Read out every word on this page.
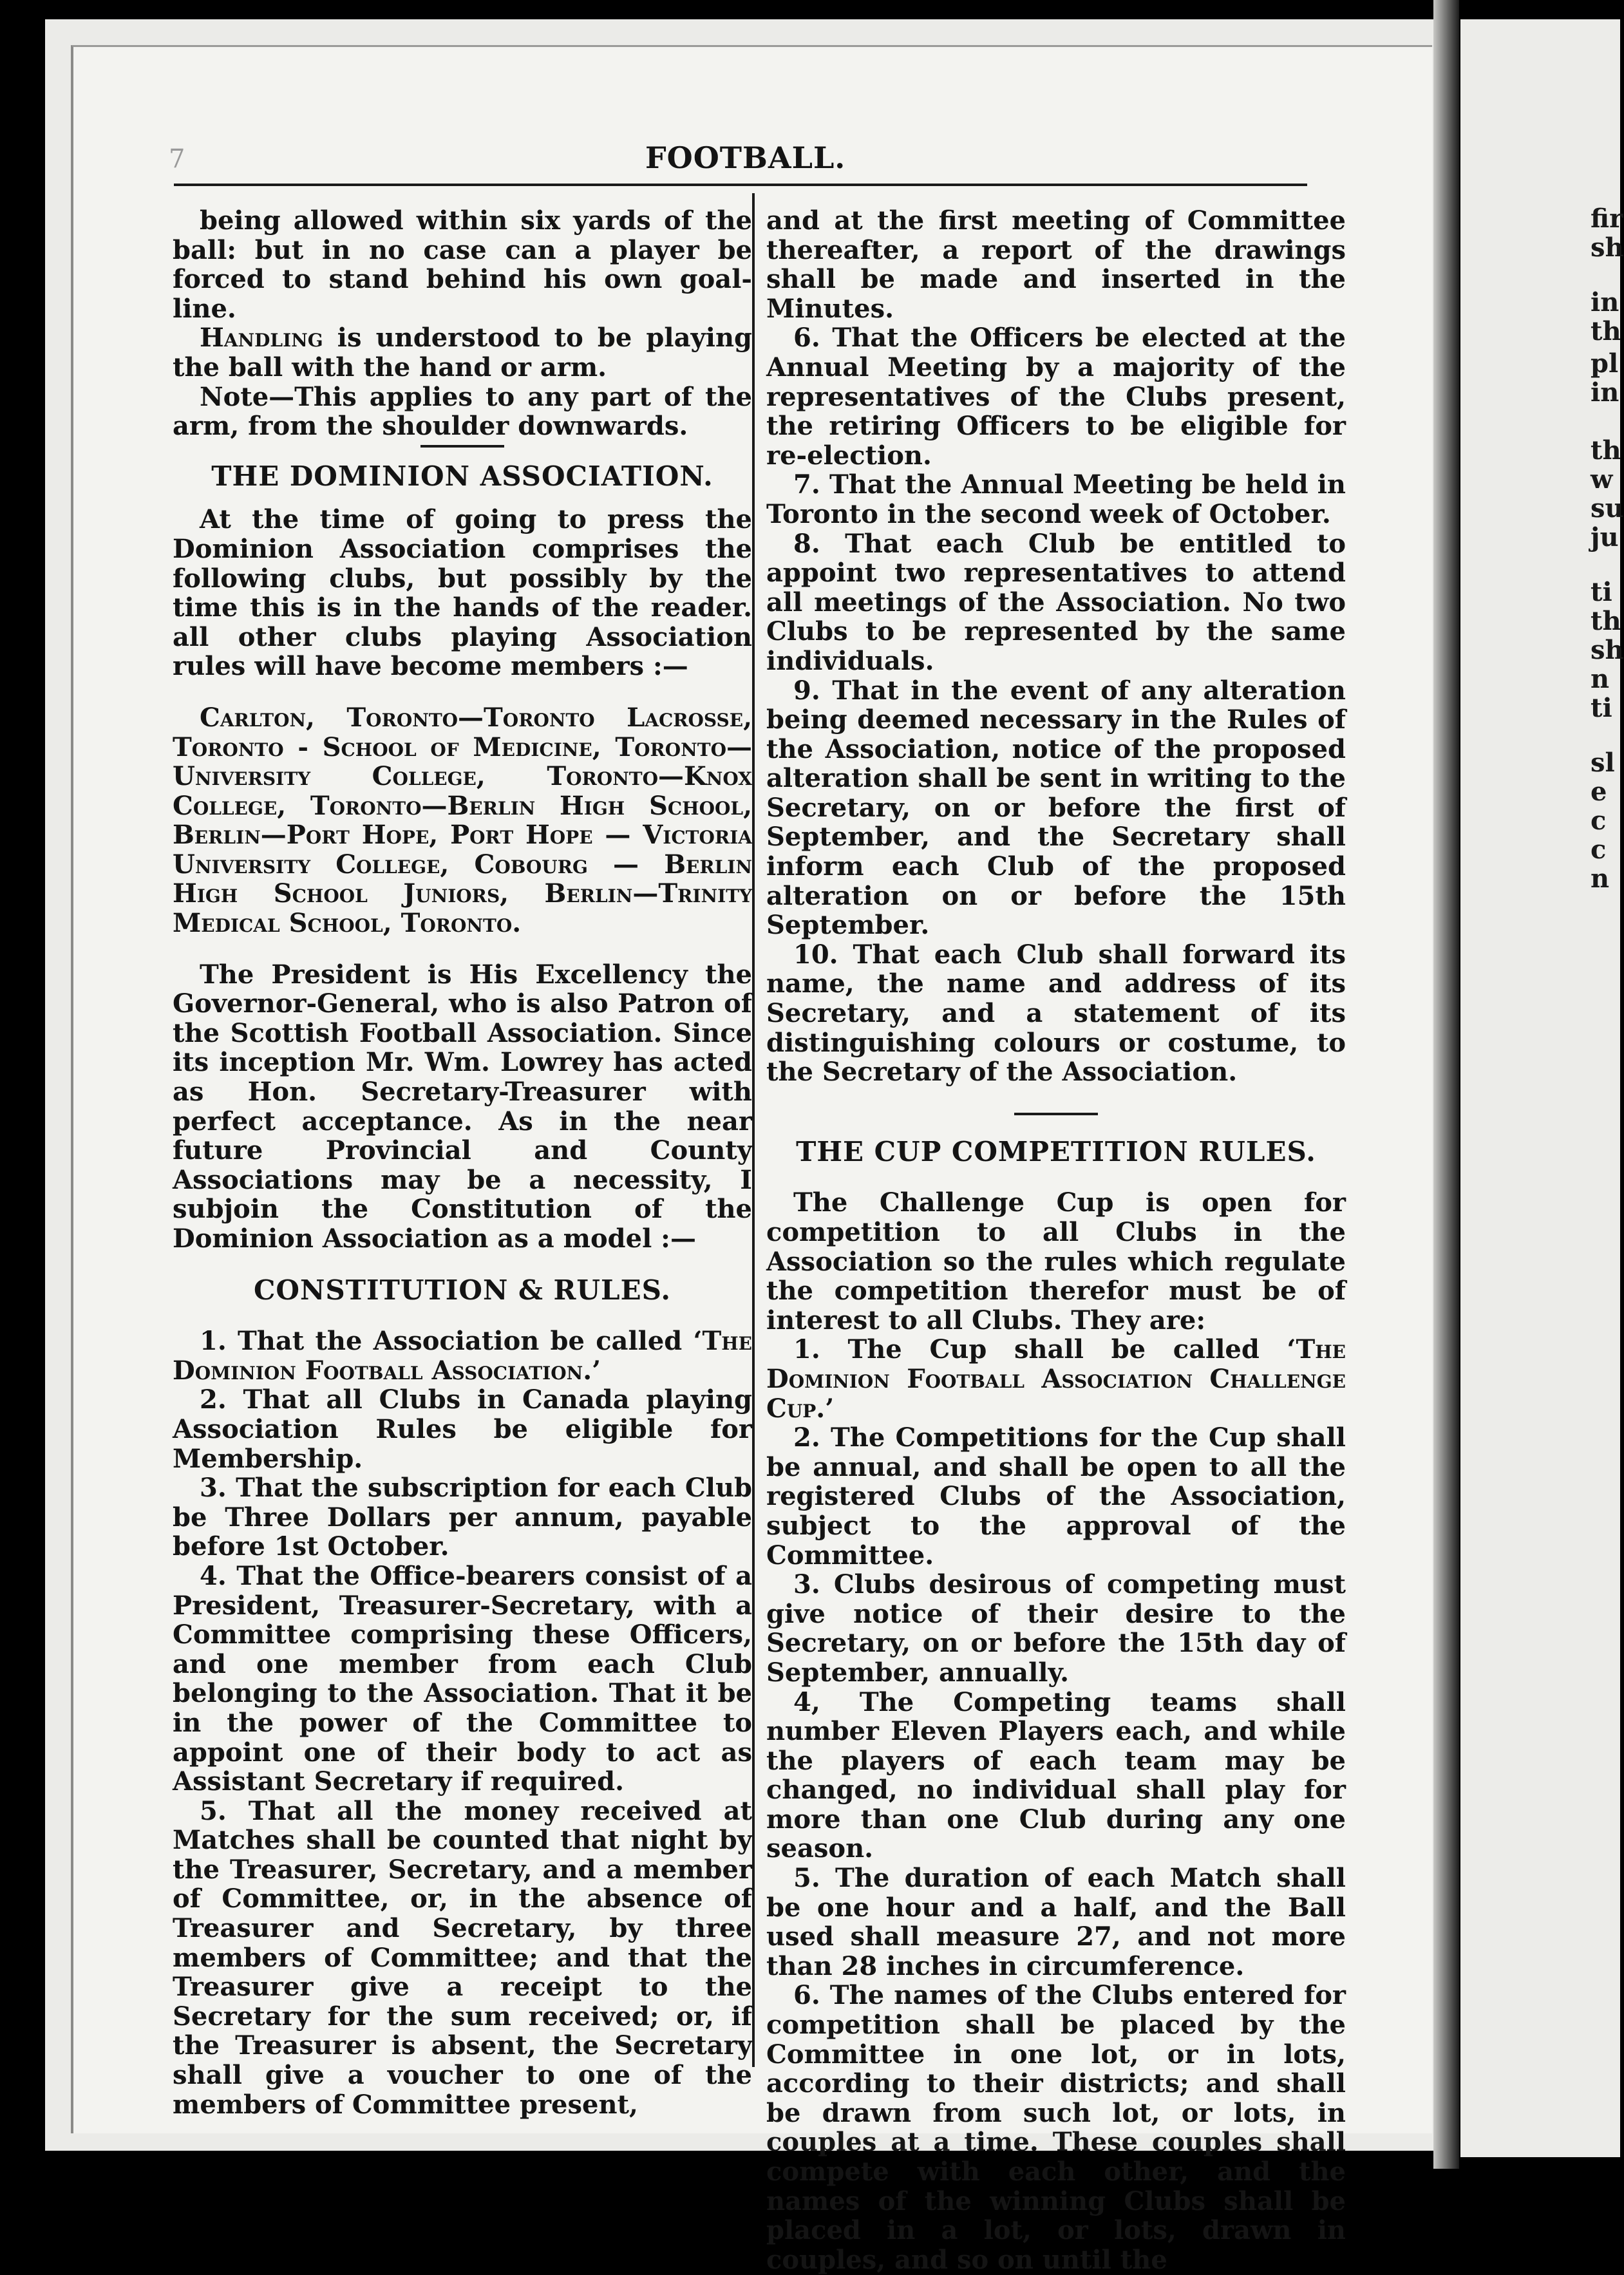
fir
sh
in
th
pl
in
th
w
su
ju
ti
th
sh
n
ti
sl
e
c
c
n
7	FOOTBALL.

being allowed within six yards of the ball: but in no case can a player be forced to stand behind his own goal-line.

Handling is understood to be playing the ball with the hand or arm.

Note—This applies to any part of the arm, from the shoulder downwards.

THE DOMINION ASSOCIATION.

At the time of going to press the Dominion Association comprises the following clubs, but possibly by the time this is in the hands of the reader. all other clubs playing Association rules will have become members :—

Carlton, Toronto—Toronto Lacrosse, Toronto - School of Medicine, Toronto—University College, Toronto—Knox College, Toronto—Berlin High School, Berlin—Port Hope, Port Hope — Victoria University College, Cobourg — Berlin High School Juniors, Berlin—Trinity Medical School, Toronto.

The President is His Excellency the Governor-General, who is also Patron of the Scottish Football Association. Since its inception Mr. Wm. Lowrey has acted as Hon. Secretary-Treasurer with perfect acceptance. As in the near future Provincial and County Associations may be a necessity, I subjoin the Constitution of the Dominion Association as a model :—

CONSTITUTION & RULES.

1. That the Association be called ‘The Dominion Football Association.’

2. That all Clubs in Canada playing Association Rules be eligible for Membership.

3. That the subscription for each Club be Three Dollars per annum, payable before 1st October.

4. That the Office-bearers consist of a President, Treasurer-Secretary, with a Committee comprising these Officers, and one member from each Club belonging to the Association. That it be in the power of the Committee to appoint one of their body to act as Assistant Secretary if required.

5. That all the money received at Matches shall be counted that night by the Treasurer, Secretary, and a member of Committee, or, in the absence of Treasurer and Secretary, by three members of Committee; and that the Treasurer give a receipt to the Secretary for the sum received; or, if the Treasurer is absent, the Secretary shall give a voucher to one of the members of Committee present,

and at the first meeting of Committee thereafter, a report of the drawings shall be made and inserted in the Minutes.

6. That the Officers be elected at the Annual Meeting by a majority of the representatives of the Clubs present, the retiring Officers to be eligible for re-election.

7. That the Annual Meeting be held in Toronto in the second week of October.

8. That each Club be entitled to appoint two representatives to attend all meetings of the Association. No two Clubs to be represented by the same individuals.

9. That in the event of any alteration being deemed necessary in the Rules of the Association, notice of the proposed alteration shall be sent in writing to the Secretary, on or before the first of September, and the Secretary shall inform each Club of the proposed alteration on or before the 15th September.

10. That each Club shall forward its name, the name and address of its Secretary, and a statement of its distinguishing colours or costume, to the Secretary of the Association.

THE CUP COMPETITION RULES.

The Challenge Cup is open for competition to all Clubs in the Association so the rules which regulate the competition therefor must be of interest to all Clubs. They are:

1. The Cup shall be called ‘The Dominion Football Association Challenge Cup.’

2. The Competitions for the Cup shall be annual, and shall be open to all the registered Clubs of the Association, subject to the approval of the Committee.

3. Clubs desirous of competing must give notice of their desire to the Secretary, on or before the 15th day of September, annually.

4, The Competing teams shall number Eleven Players each, and while the players of each team may be changed, no individual shall play for more than one Club during any one season.

5. The duration of each Match shall be one hour and a half, and the Ball used shall measure 27, and not more than 28 inches in circumference.

6. The names of the Clubs entered for competition shall be placed by the Committee in one lot, or in lots, according to their districts; and shall be drawn from such lot, or lots, in couples at a time. These couples shall compete with each other, and the names of the winning Clubs shall be placed in a lot, or lots, drawn in couples, and so on until the
